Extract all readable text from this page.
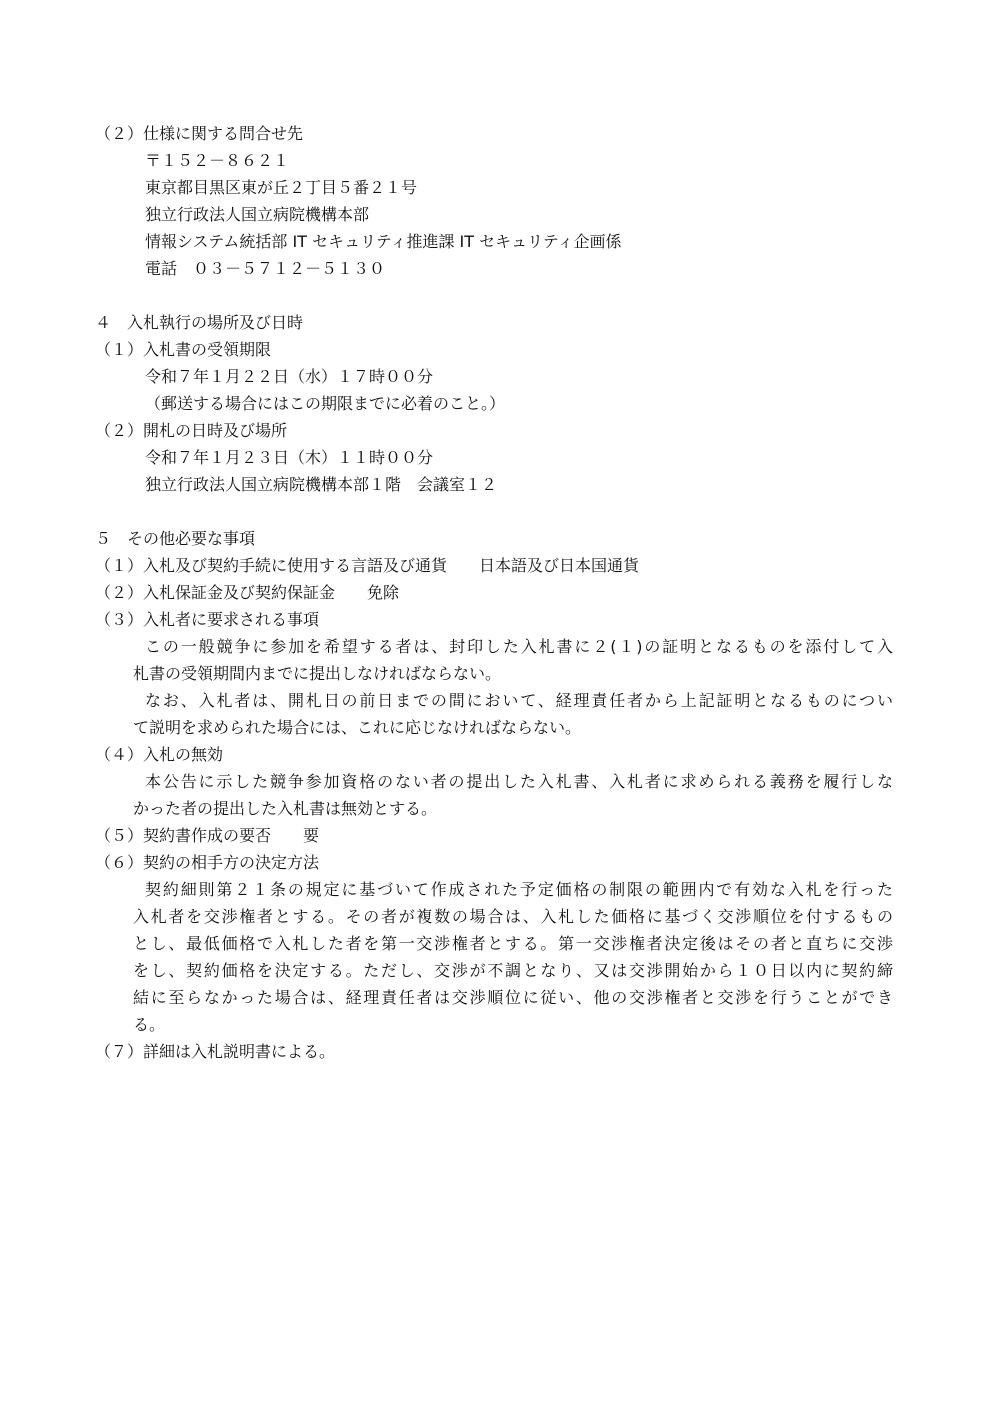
（２）仕様に関する問合せ先
〒１５２－８６２１
東京都目黒区東が丘２丁目５番２１号
独立行政法人国立病院機構本部
情報システム統括部 IT セキュリティ推進課 IT セキュリティ企画係
電話　０３－５７１２－５１３０
４　入札執行の場所及び日時
（１）入札書の受領期限
令和７年１月２２日（水）１７時００分
（郵送する場合にはこの期限までに必着のこと。）
（２）開札の日時及び場所
令和７年１月２３日（木）１１時００分
独立行政法人国立病院機構本部１階　会議室１２
５　その他必要な事項
（１）入札及び契約手続に使用する言語及び通貨　　日本語及び日本国通貨
（２）入札保証金及び契約保証金　　免除
（３）入札者に要求される事項
この一般競争に参加を希望する者は、封印した入札書に２(１)の証明となるものを添付して入
札書の受領期間内までに提出しなければならない。
なお、入札者は、開札日の前日までの間において、経理責任者から上記証明となるものについ
て説明を求められた場合には、これに応じなければならない。
（４）入札の無効
本公告に示した競争参加資格のない者の提出した入札書、入札者に求められる義務を履行しな
かった者の提出した入札書は無効とする。
（５）契約書作成の要否　　要
（６）契約の相手方の決定方法
契約細則第２１条の規定に基づいて作成された予定価格の制限の範囲内で有効な入札を行った
入札者を交渉権者とする。その者が複数の場合は、入札した価格に基づく交渉順位を付するもの
とし、最低価格で入札した者を第一交渉権者とする。第一交渉権者決定後はその者と直ちに交渉
をし、契約価格を決定する。ただし、交渉が不調となり、又は交渉開始から１０日以内に契約締
結に至らなかった場合は、経理責任者は交渉順位に従い、他の交渉権者と交渉を行うことができ
る。
（７）詳細は入札説明書による。
